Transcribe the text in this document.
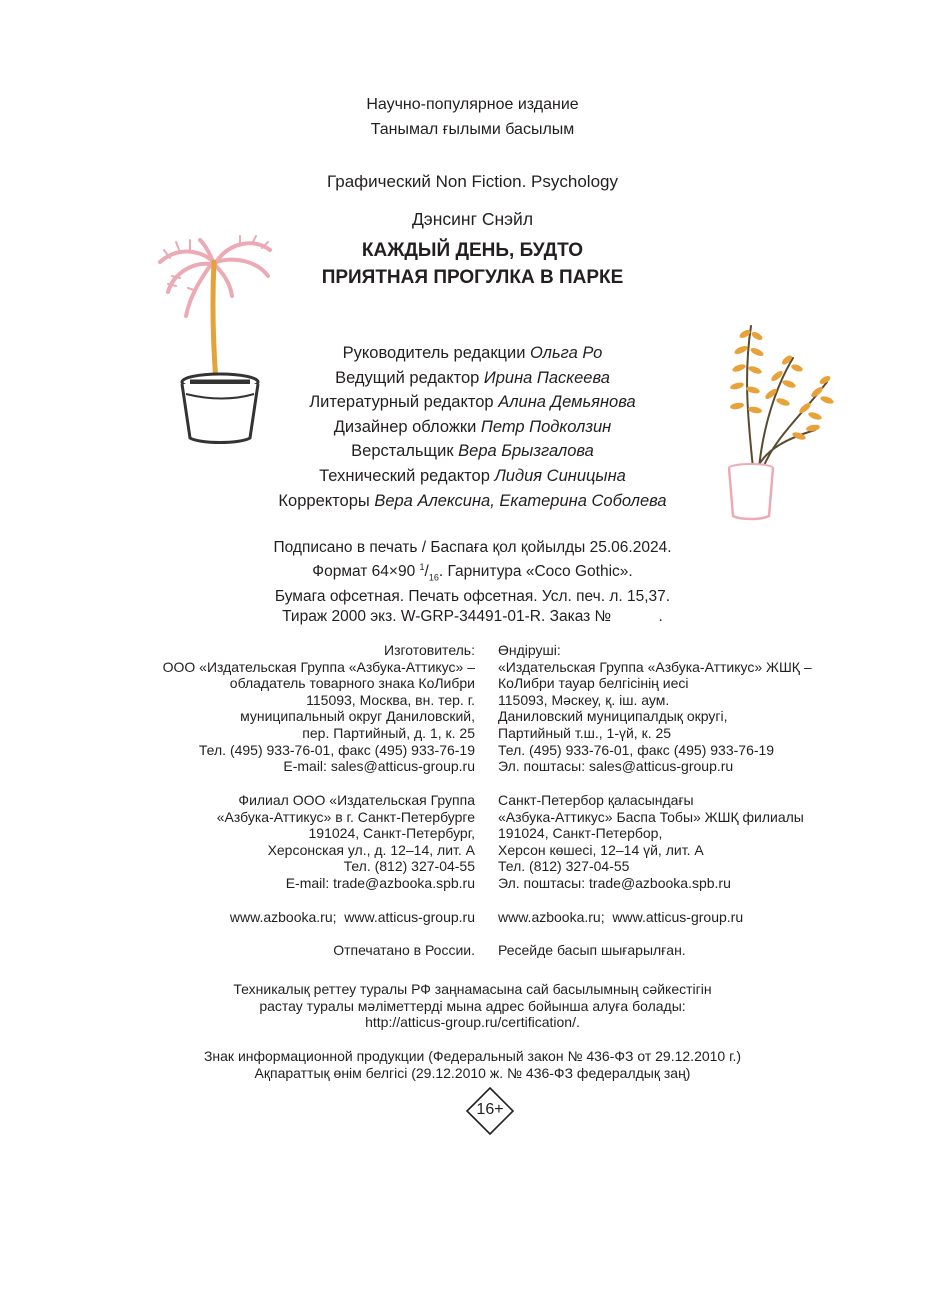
Научно-популярное издание
Танымал ғылыми басылым
Графический Non Fiction. Psychology
Дэнсинг Снэйл
КАЖДЫЙ ДЕНЬ, БУДТО
ПРИЯТНАЯ ПРОГУЛКА В ПАРКЕ
Руководитель редакции Ольга Ро
Ведущий редактор Ирина Паскеева
Литературный редактор Алина Демьянова
Дизайнер обложки Петр Подколзин
Верстальщик Вера Брызгалова
Технический редактор Лидия Синицына
Корректоры Вера Алексина, Екатерина Соболева
Подписано в печать / Баспаға қол қойылды 25.06.2024.
Формат 64×90 $^1/_{16}$. Гарнитура «Coco Gothic».
Бумага офсетная. Печать офсетная. Усл. печ. л. 15,37.
Тираж 2000 экз. W-GRP-34491-01-R. Заказ №           .
Изготовитель:
ООО «Издательская Группа «Азбука-Аттикус» –
обладатель товарного знака КоЛибри
115093, Москва, вн. тер. г.
муниципальный округ Даниловский,
пер. Партийный, д. 1, к. 25
Тел. (495) 933-76-01, факс (495) 933-76-19
E-mail: sales@atticus-group.ru
Өндіруші:
«Издательская Группа «Азбука-Аттикус» ЖШҚ –
КоЛибри тауар белгісінің иесі
115093, Мәскеу, қ. іш. аум.
Даниловский муниципалдық округі,
Партийный т.ш., 1-үй, к. 25
Тел. (495) 933-76-01, факс (495) 933-76-19
Эл. поштасы: sales@atticus-group.ru
Филиал ООО «Издательская Группа
«Азбука-Аттикус» в г. Санкт-Петербурге
191024, Санкт-Петербург,
Херсонская ул., д. 12–14, лит. А
Тел. (812) 327-04-55
E-mail: trade@azbooka.spb.ru
Санкт-Петербор қаласындағы
«Азбука-Аттикус» Баспа Тобы» ЖШҚ филиалы
191024, Санкт-Петербор,
Херсон көшесі, 12–14 үй, лит. А
Тел. (812) 327-04-55
Эл. поштасы: trade@azbooka.spb.ru
www.azbooka.ru;  www.atticus-group.ru www.azbooka.ru;  www.atticus-group.ru
Отпечатано в России. Ресейде басып шығарылған.
Техникалық реттеу туралы РФ заңнамасына сай басылымның сәйкестігін
растау туралы мәліметтерді мына адрес бойынша алуға болады:
http://atticus-group.ru/certification/.
Знак информационной продукции (Федеральный закон № 436-ФЗ от 29.12.2010 г.)
Ақпараттық өнім белгісі (29.12.2010 ж. № 436-ФЗ федералдық заң)
16+
